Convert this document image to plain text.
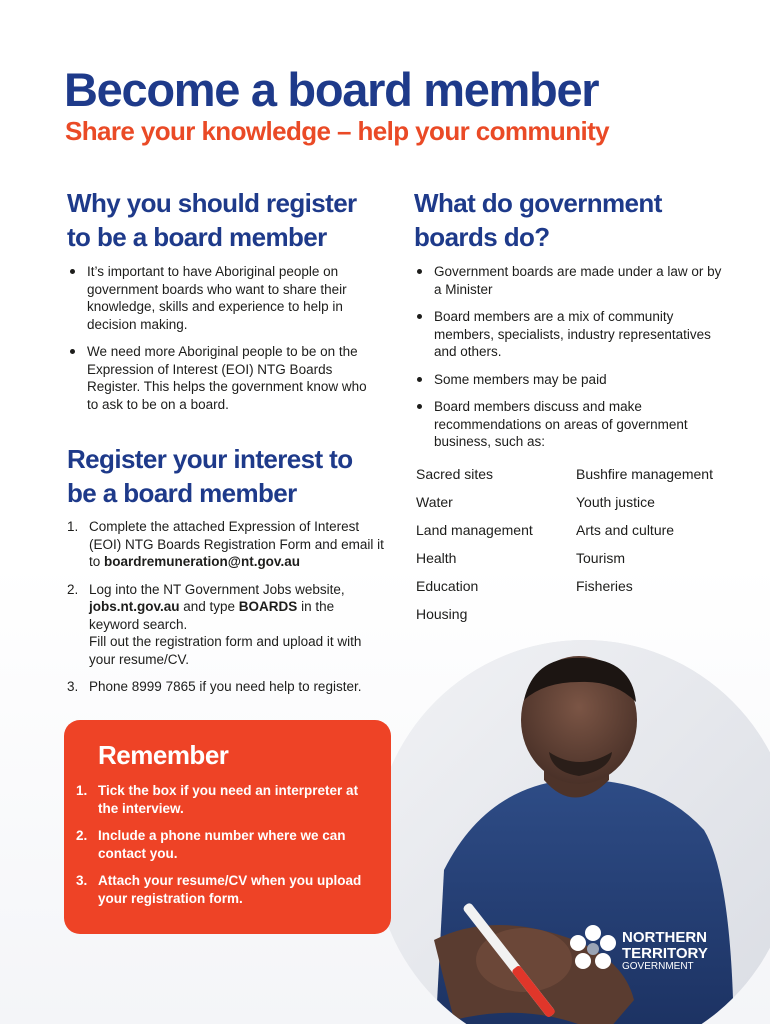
Become a board member
Share your knowledge – help your community
Why you should register
to be a board member
It’s important to have Aboriginal people on government boards who want to share their knowledge, skills and experience to help in decision making.
We need more Aboriginal people to be on the Expression of Interest (EOI) NTG Boards Register. This helps the government know who to ask to be on a board.
Register your interest to
be a board member
1. Complete the attached Expression of Interest (EOI) NTG Boards Registration Form and email it to boardremuneration@nt.gov.au
2. Log into the NT Government Jobs website, jobs.nt.gov.au and type BOARDS in the keyword search.
Fill out the registration form and upload it with your resume/CV.
3. Phone 8999 7865 if you need help to register.
What do government
boards do?
Government boards are made under a law or by a Minister
Board members are a mix of community members, specialists, industry representatives and others.
Some members may be paid
Board members discuss and make recommendations on areas of government business, such as:
Sacred sites
Water
Land management
Health
Education
Housing
Bushfire management
Youth justice
Arts and culture
Tourism
Fisheries
Remember
1. Tick the box if you need an interpreter at the interview.
2. Include a phone number where we can contact you.
3. Attach your resume/CV when you upload your registration form.
NORTHERN
TERRITORY
GOVERNMENT
